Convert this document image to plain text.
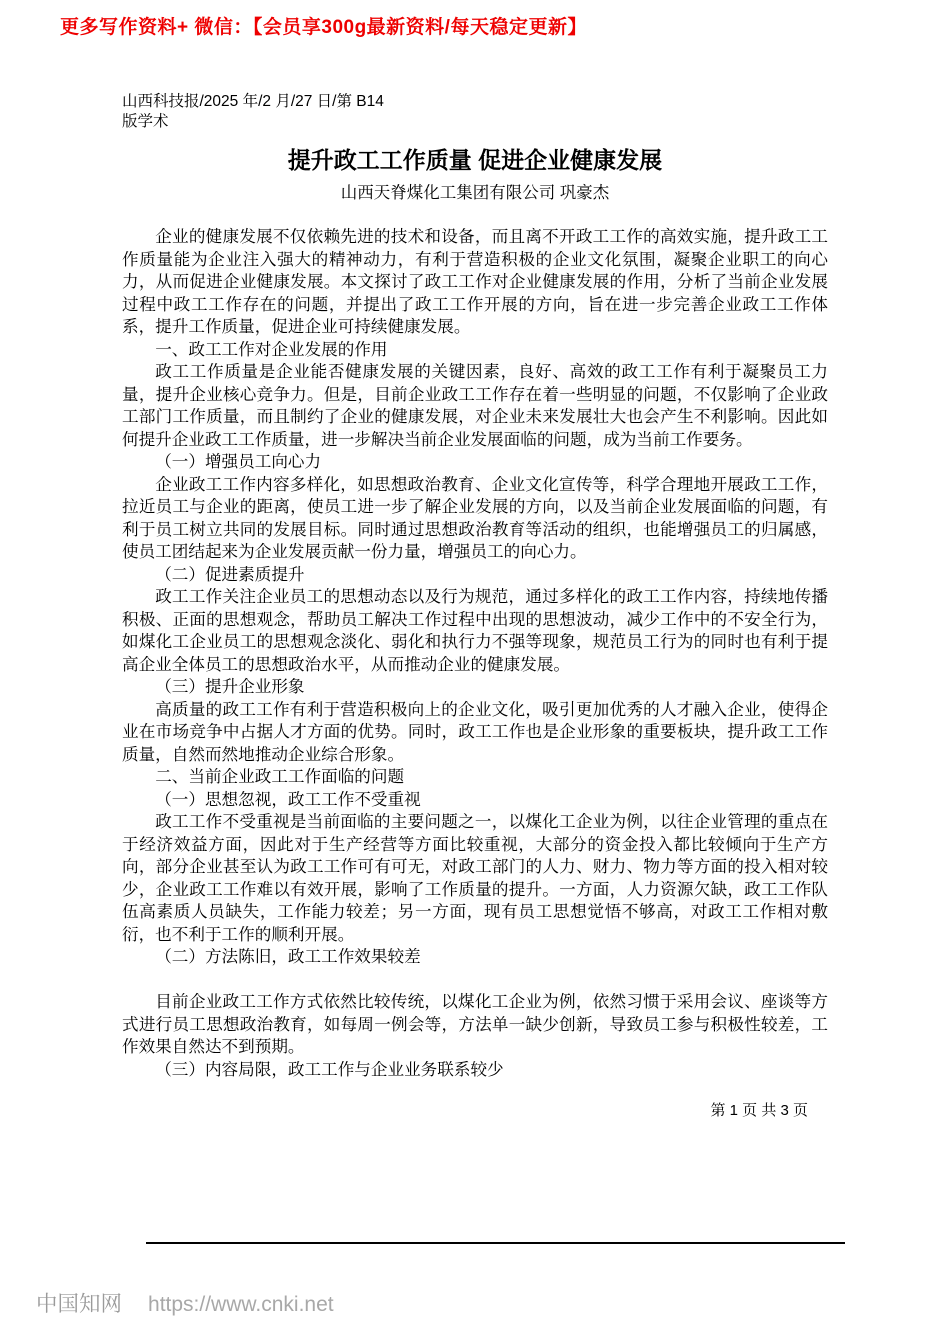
更多写作资料+ 微信：【会员享300g最新资料/每天稳定更新】
山西科技报/2025 年/2 月/27 日/第 B14
版学术
提升政工工作质量 促进企业健康发展
山西天脊煤化工集团有限公司 巩豪杰

企业的健康发展不仅依赖先进的技术和设备，而且离不开政工工作的高效实施，提升政工工作质量能为企业注入强大的精神动力，有利于营造积极的企业文化氛围，凝聚企业职工的向心力，从而促进企业健康发展。本文探讨了政工工作对企业健康发展的作用，分析了当前企业发展过程中政工工作存在的问题，并提出了政工工作开展的方向，旨在进一步完善企业政工工作体系，提升工作质量，促进企业可持续健康发展。

一、政工工作对企业发展的作用

政工工作质量是企业能否健康发展的关键因素，良好、高效的政工工作有利于凝聚员工力量，提升企业核心竞争力。但是，目前企业政工工作存在着一些明显的问题，不仅影响了企业政工部门工作质量，而且制约了企业的健康发展，对企业未来发展壮大也会产生不利影响。因此如何提升企业政工工作质量，进一步解决当前企业发展面临的问题，成为当前工作要务。

（一）增强员工向心力

企业政工工作内容多样化，如思想政治教育、企业文化宣传等，科学合理地开展政工工作，拉近员工与企业的距离，使员工进一步了解企业发展的方向，以及当前企业发展面临的问题，有利于员工树立共同的发展目标。同时通过思想政治教育等活动的组织，也能增强员工的归属感，使员工团结起来为企业发展贡献一份力量，增强员工的向心力。

（二）促进素质提升

政工工作关注企业员工的思想动态以及行为规范，通过多样化的政工工作内容，持续地传播积极、正面的思想观念，帮助员工解决工作过程中出现的思想波动，减少工作中的不安全行为，如煤化工企业员工的思想观念淡化、弱化和执行力不强等现象，规范员工行为的同时也有利于提高企业全体员工的思想政治水平，从而推动企业的健康发展。

（三）提升企业形象

高质量的政工工作有利于营造积极向上的企业文化，吸引更加优秀的人才融入企业，使得企业在市场竞争中占据人才方面的优势。同时，政工工作也是企业形象的重要板块，提升政工工作质量，自然而然地推动企业综合形象。

二、当前企业政工工作面临的问题

（一）思想忽视，政工工作不受重视

政工工作不受重视是当前面临的主要问题之一，以煤化工企业为例，以往企业管理的重点在于经济效益方面，因此对于生产经营等方面比较重视，大部分的资金投入都比较倾向于生产方向，部分企业甚至认为政工工作可有可无，对政工部门的人力、财力、物力等方面的投入相对较少，企业政工工作难以有效开展，影响了工作质量的提升。一方面，人力资源欠缺，政工工作队伍高素质人员缺失，工作能力较差；另一方面，现有员工思想觉悟不够高，对政工工作相对敷衍，也不利于工作的顺利开展。

（二）方法陈旧，政工工作效果较差

目前企业政工工作方式依然比较传统，以煤化工企业为例，依然习惯于采用会议、座谈等方式进行员工思想政治教育，如每周一例会等，方法单一缺少创新，导致员工参与积极性较差，工作效果自然达不到预期。

（三）内容局限，政工工作与企业业务联系较少

第 1 页 共 3 页
中国知网 https://www.cnki.net
